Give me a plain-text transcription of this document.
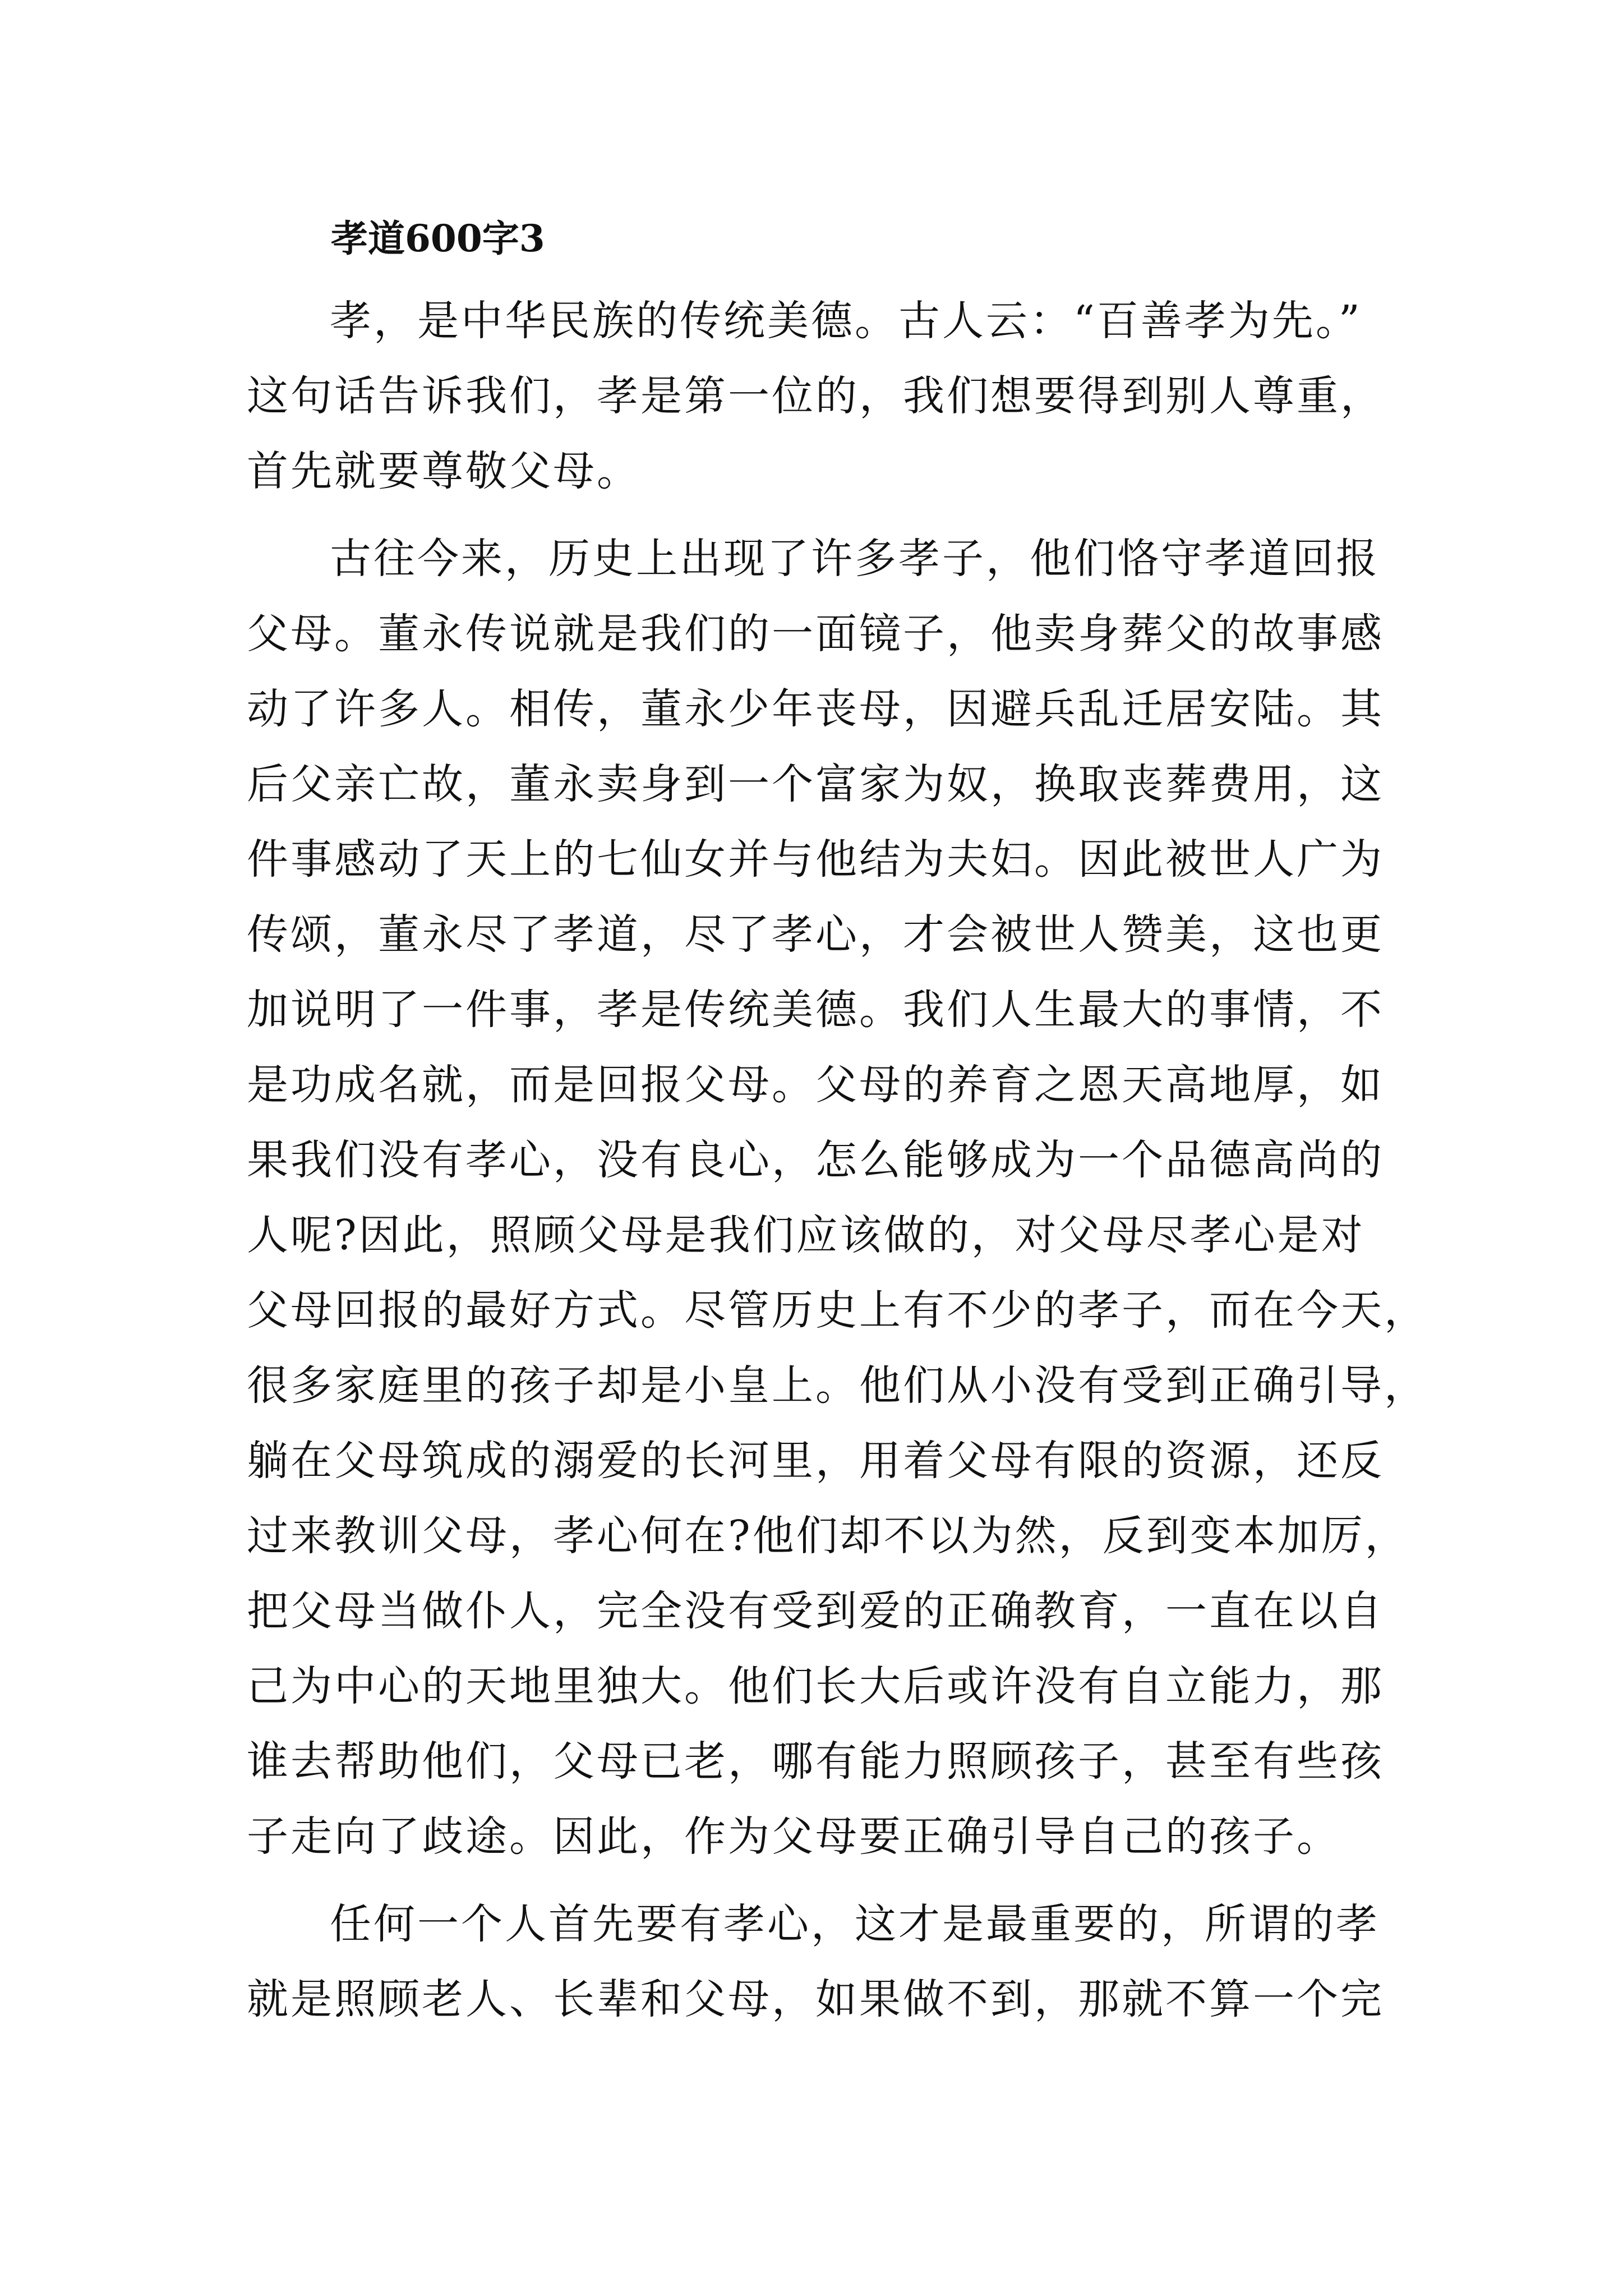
孝道600字3
孝，是中华民族的传统美德。古人云：“百善孝为先。”
这句话告诉我们，孝是第一位的，我们想要得到别人尊重，
首先就要尊敬父母。
古往今来，历史上出现了许多孝子，他们恪守孝道回报
父母。董永传说就是我们的一面镜子，他卖身葬父的故事感
动了许多人。相传，董永少年丧母，因避兵乱迁居安陆。其
后父亲亡故，董永卖身到一个富家为奴，换取丧葬费用，这
件事感动了天上的七仙女并与他结为夫妇。因此被世人广为
传颂，董永尽了孝道，尽了孝心，才会被世人赞美，这也更
加说明了一件事，孝是传统美德。我们人生最大的事情，不
是功成名就，而是回报父母。父母的养育之恩天高地厚，如
果我们没有孝心，没有良心，怎么能够成为一个品德高尚的
人呢?因此，照顾父母是我们应该做的，对父母尽孝心是对
父母回报的最好方式。尽管历史上有不少的孝子，而在今天，
很多家庭里的孩子却是小皇上。他们从小没有受到正确引导，
躺在父母筑成的溺爱的长河里，用着父母有限的资源，还反
过来教训父母，孝心何在?他们却不以为然，反到变本加厉，
把父母当做仆人，完全没有受到爱的正确教育，一直在以自
己为中心的天地里独大。他们长大后或许没有自立能力，那
谁去帮助他们，父母已老，哪有能力照顾孩子，甚至有些孩
子走向了歧途。因此，作为父母要正确引导自己的孩子。
任何一个人首先要有孝心，这才是最重要的，所谓的孝
就是照顾老人、长辈和父母，如果做不到，那就不算一个完
